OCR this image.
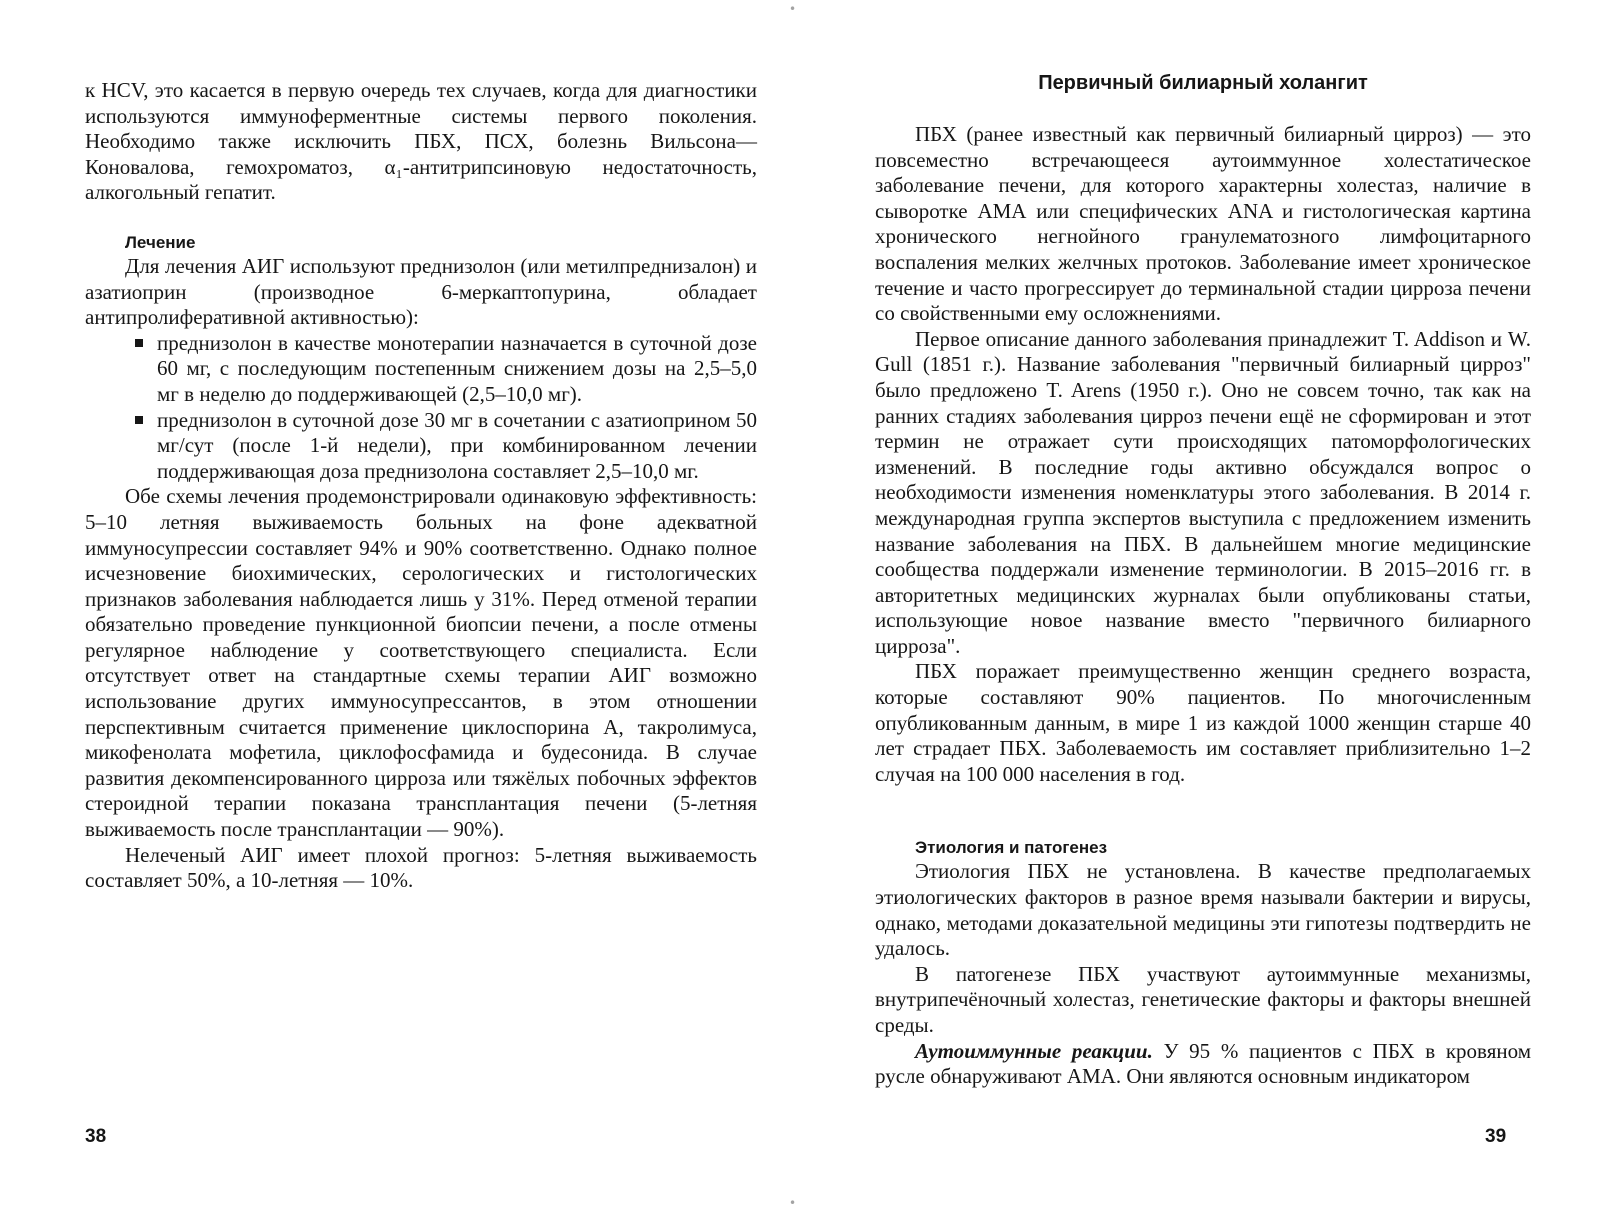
к HCV, это касается в первую очередь тех случаев, когда для диагностики используются иммуноферментные системы первого поколения. Необходимо также исключить ПБХ, ПСХ, болезнь Вильсона—Коновалова, гемохроматоз, α₁-антитрипсиновую недостаточность, алкогольный гепатит.

Лечение

Для лечения АИГ используют преднизолон (или метилпреднизалон) и азатиоприн (производное 6-меркаптопурина, обладает антипролиферативной активностью):

преднизолон в качестве монотерапии назначается в суточной дозе 60 мг, с последующим постепенным снижением дозы на 2,5–5,0 мг в неделю до поддерживающей (2,5–10,0 мг).
преднизолон в суточной дозе 30 мг в сочетании с азатиоприном 50 мг/сут (после 1-й недели), при комбинированном лечении поддерживающая доза преднизолона составляет 2,5–10,0 мг.

Обе схемы лечения продемонстрировали одинаковую эффективность: 5–10 летняя выживаемость больных на фоне адекватной иммуносупрессии составляет 94% и 90% соответственно. Однако полное исчезновение биохимических, серологических и гистологических признаков заболевания наблюдается лишь у 31%. Перед отменой терапии обязательно проведение пункционной биопсии печени, а после отмены регулярное наблюдение у соответствующего специалиста. Если отсутствует ответ на стандартные схемы терапии АИГ возможно использование других иммуносупрессантов, в этом отношении перспективным считается применение циклоспорина А, такролимуса, микофенолата мофетила, циклофосфамида и будесонида. В случае развития декомпенсированного цирроза или тяжёлых побочных эффектов стероидной терапии показана трансплантация печени (5-летняя выживаемость после трансплантации — 90%).

Нелеченый АИГ имеет плохой прогноз: 5-летняя выживаемость составляет 50%, а 10-летняя — 10%.

38
Первичный билиарный холангит

ПБХ (ранее известный как первичный билиарный цирроз) — это повсеместно встречающееся аутоиммунное холестатическое заболевание печени, для которого характерны холестаз, наличие в сыворотке АМА или специфических ANA и гистологическая картина хронического негнойного гранулематозного лимфоцитарного воспаления мелких желчных протоков. Заболевание имеет хроническое течение и часто прогрессирует до терминальной стадии цирроза печени со свойственными ему осложнениями.

Первое описание данного заболевания принадлежит T. Addison и W. Gull (1851 г.). Название заболевания "первичный билиарный цирроз" было предложено T. Arens (1950 г.). Оно не совсем точно, так как на ранних стадиях заболевания цирроз печени ещё не сформирован и этот термин не отражает сути происходящих патоморфологических изменений. В последние годы активно обсуждался вопрос о необходимости изменения номенклатуры этого заболевания. В 2014 г. международная группа экспертов выступила с предложением изменить название заболевания на ПБХ. В дальнейшем многие медицинские сообщества поддержали изменение терминологии. В 2015–2016 гг. в авторитетных медицинских журналах были опубликованы статьи, использующие новое название вместо "первичного билиарного цирроза".

ПБХ поражает преимущественно женщин среднего возраста, которые составляют 90% пациентов. По многочисленным опубликованным данным, в мире 1 из каждой 1000 женщин старше 40 лет страдает ПБХ. Заболеваемость им составляет приблизительно 1–2 случая на 100 000 населения в год.

Этиология и патогенез

Этиология ПБХ не установлена. В качестве предполагаемых этиологических факторов в разное время называли бактерии и вирусы, однако, методами доказательной медицины эти гипотезы подтвердить не удалось.

В патогенезе ПБХ участвуют аутоиммунные механизмы, внутрипечёночный холестаз, генетические факторы и факторы внешней среды.

Аутоиммунные реакции. У 95 % пациентов с ПБХ в кровяном русле обнаруживают АМА. Они являются основным индикатором

39
•
•
